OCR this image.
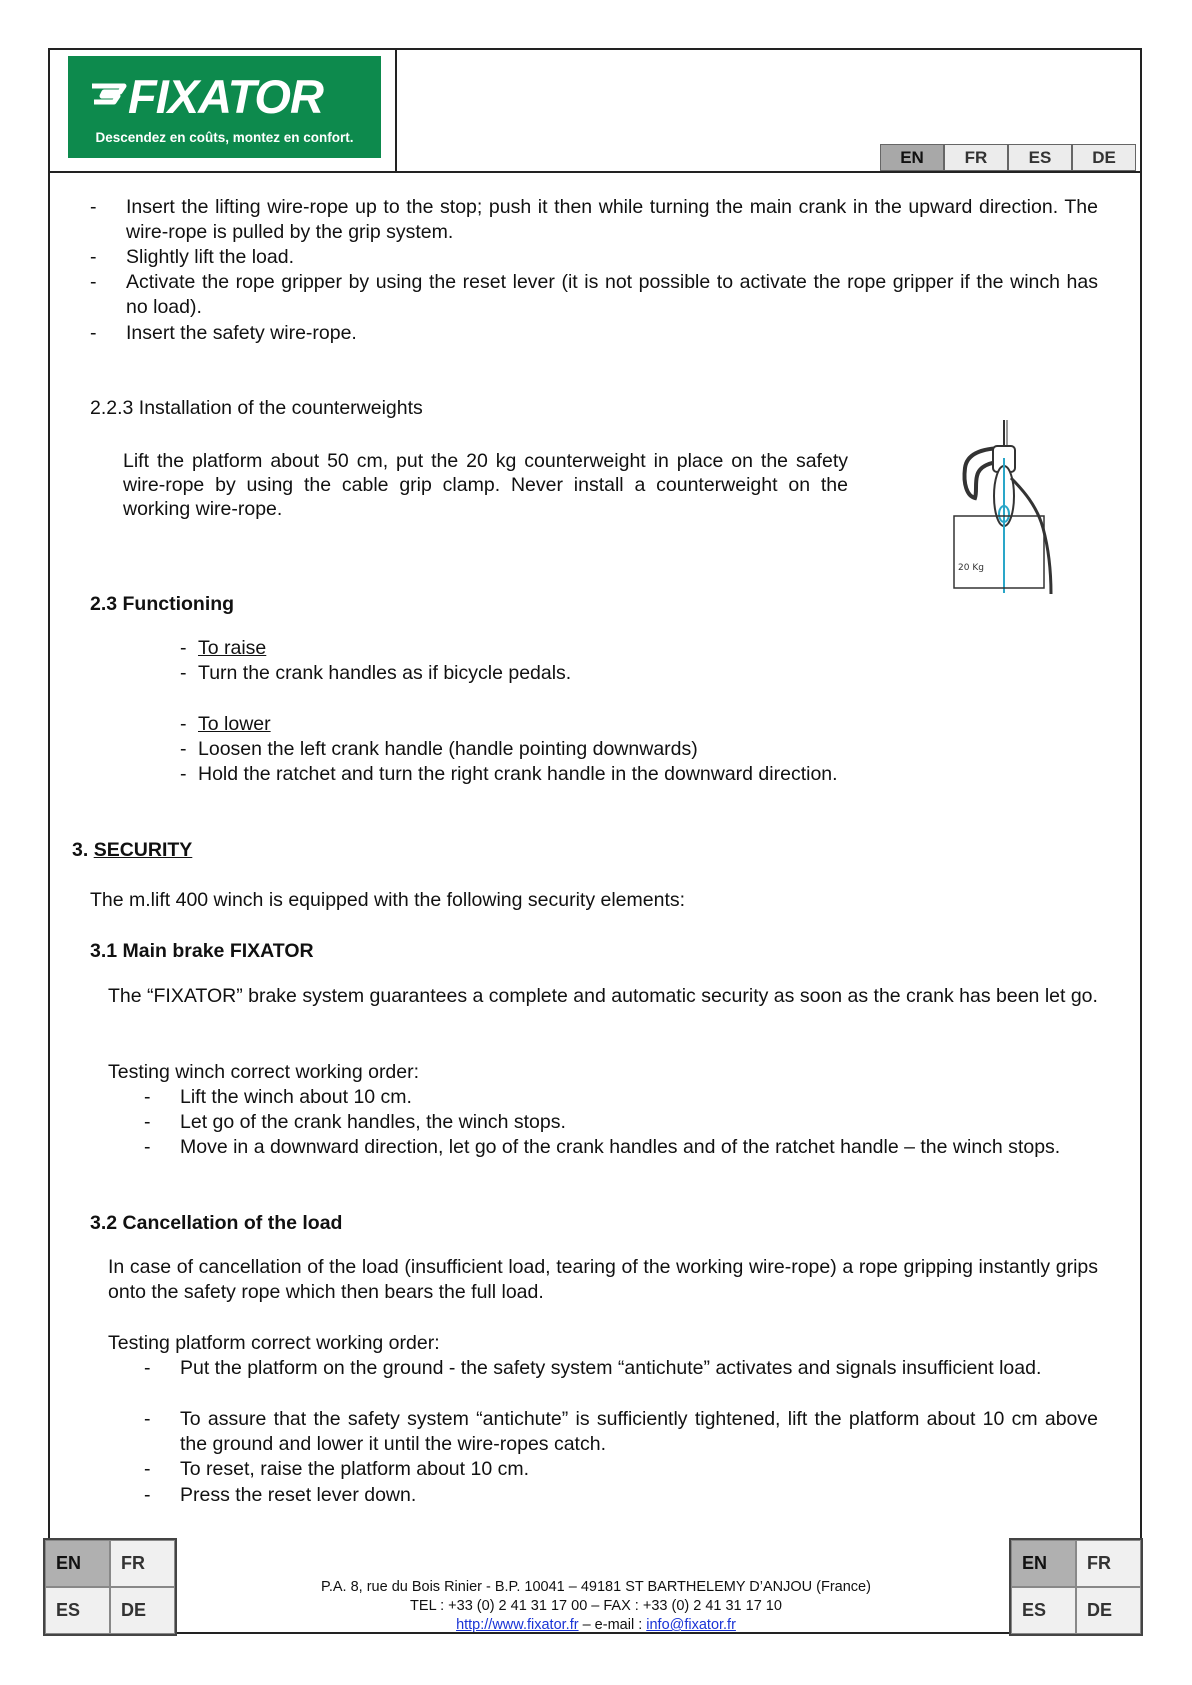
FIXATOR
Descendez en coûts, montez en confort.
EN	FR	ES	DE
- Insert the lifting wire-rope up to the stop; push it then while turning the main crank in the upward direction. The wire-rope is pulled by the grip system.
- Slightly lift the load.
- Activate the rope gripper by using the reset lever (it is not possible to activate the rope gripper if the winch has no load).
- Insert the safety wire-rope.
2.2.3 Installation of the counterweights
Lift the platform about 50 cm, put the 20 kg counterweight in place on the safety wire-rope by using the cable grip clamp. Never install a counterweight on the working wire-rope.
20 Kg
2.3 Functioning
- To raise
- Turn the crank handles as if bicycle pedals.
- To lower
- Loosen the left crank handle (handle pointing downwards)
- Hold the ratchet and turn the right crank handle in the downward direction.
3. SECURITY
The m.lift 400 winch is equipped with the following security elements:
3.1 Main brake FIXATOR
The “FIXATOR” brake system guarantees a complete and automatic security as soon as the crank has been let go.
Testing winch correct working order:
- Lift the winch about 10 cm.
- Let go of the crank handles, the winch stops.
- Move in a downward direction, let go of the crank handles and of the ratchet handle – the winch stops.
3.2 Cancellation of the load
In case of cancellation of the load (insufficient load, tearing of the working wire-rope) a rope gripping instantly grips onto the safety rope which then bears the full load.
Testing platform correct working order:
- Put the platform on the ground - the safety system “antichute” activates and signals insufficient load.
- To assure that the safety system “antichute” is sufficiently tightened, lift the platform about 10 cm above the ground and lower it until the wire-ropes catch.
- To reset, raise the platform about 10 cm.
- Press the reset lever down.
EN	FR
ES	DE
EN	FR
ES	DE
P.A. 8, rue du Bois Rinier - B.P. 10041 – 49181 ST BARTHELEMY D’ANJOU (France)
TEL : +33 (0) 2 41 31 17 00 – FAX : +33 (0) 2 41 31 17 10
http://www.fixator.fr – e-mail : info@fixator.fr
